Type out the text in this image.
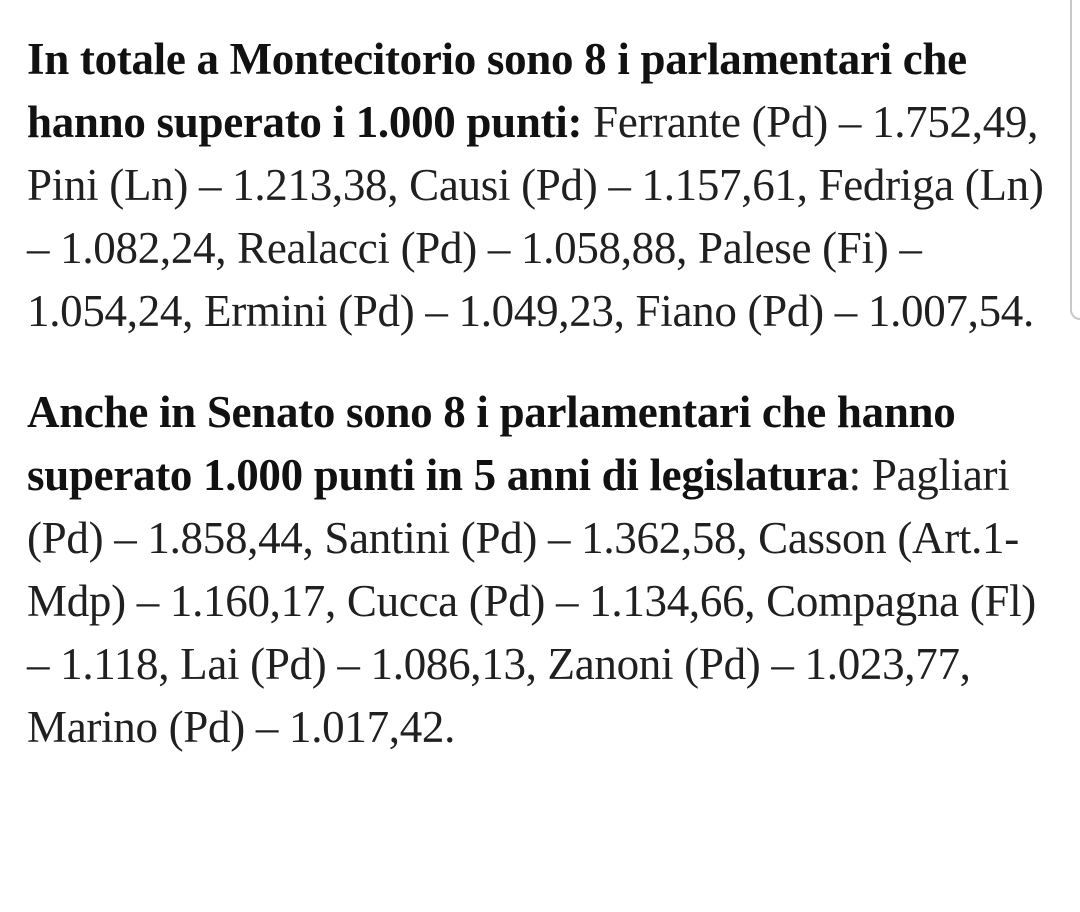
In totale a Montecitorio sono 8 i parlamentari che hanno superato i 1.000 punti: Ferrante (Pd) – 1.752,49, Pini (Ln) – 1.213,38, Causi (Pd) – 1.157,61, Fedriga (Ln) – 1.082,24, Realacci (Pd) – 1.058,88, Palese (Fi) – 1.054,24, Ermini (Pd) – 1.049,23, Fiano (Pd) – 1.007,54.

Anche in Senato sono 8 i parlamentari che hanno superato 1.000 punti in 5 anni di legislatura: Pagliari (Pd) – 1.858,44, Santini (Pd) – 1.362,58, Casson (Art.1-Mdp) – 1.160,17, Cucca (Pd) – 1.134,66, Compagna (Fl) – 1.118, Lai (Pd) – 1.086,13, Zanoni (Pd) – 1.023,77, Marino (Pd) – 1.017,42.
